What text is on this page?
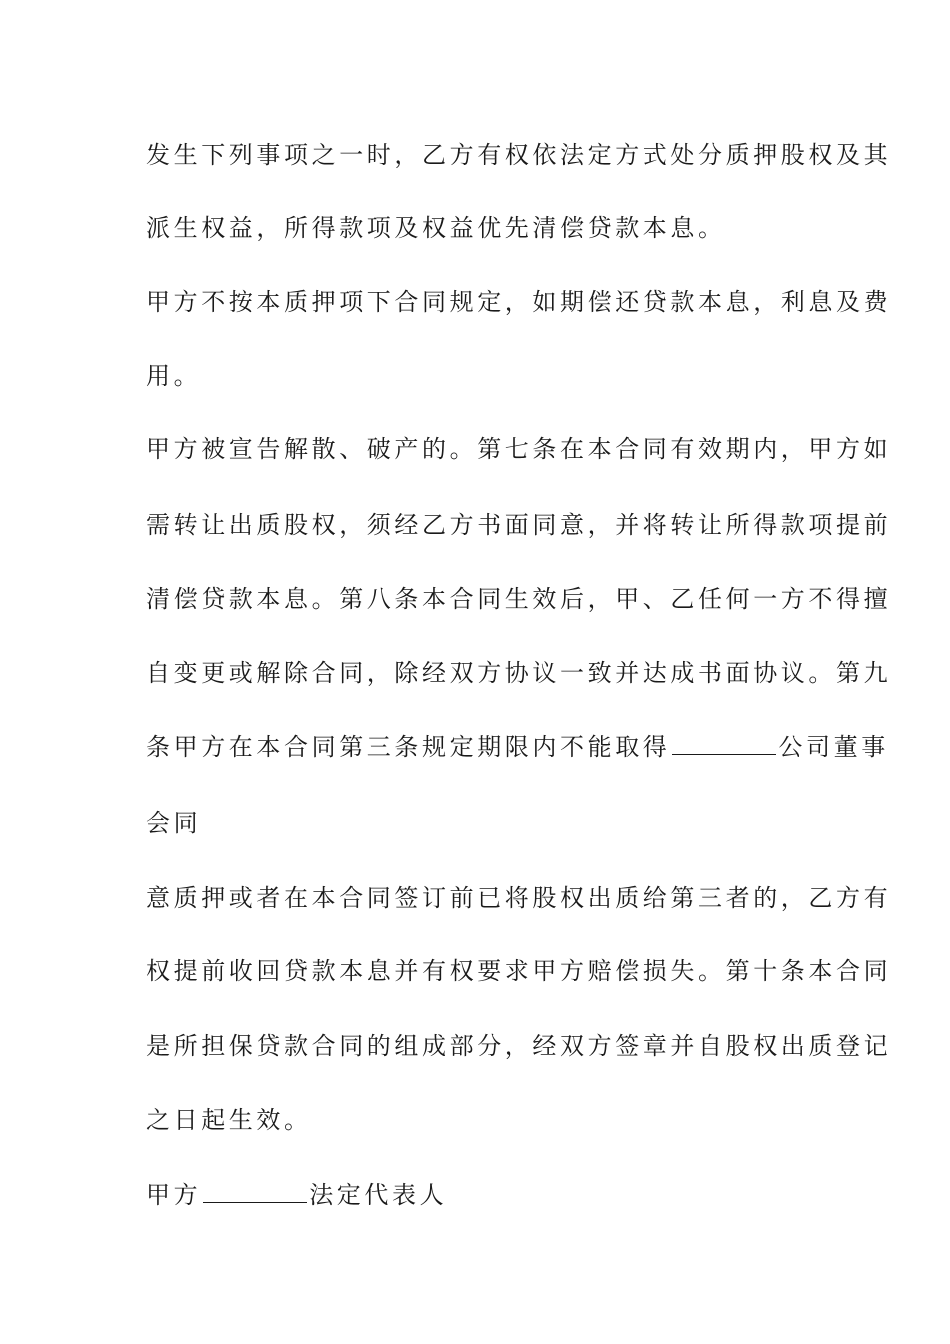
发生下列事项之一时，乙方有权依法定方式处分质押股权及其

派生权益，所得款项及权益优先清偿贷款本息。

甲方不按本质押项下合同规定，如期偿还贷款本息，利息及费

用。

甲方被宣告解散、破产的。第七条在本合同有效期内，甲方如

需转让出质股权，须经乙方书面同意，并将转让所得款项提前

清偿贷款本息。第八条本合同生效后，甲、乙任何一方不得擅

自变更或解除合同，除经双方协议一致并达成书面协议。第九

条甲方在本合同第三条规定期限内不能取得	公司董事

会同

意质押或者在本合同签订前已将股权出质给第三者的，乙方有

权提前收回贷款本息并有权要求甲方赔偿损失。第十条本合同

是所担保贷款合同的组成部分，经双方签章并自股权出质登记

之日起生效。

甲方	法定代表人
